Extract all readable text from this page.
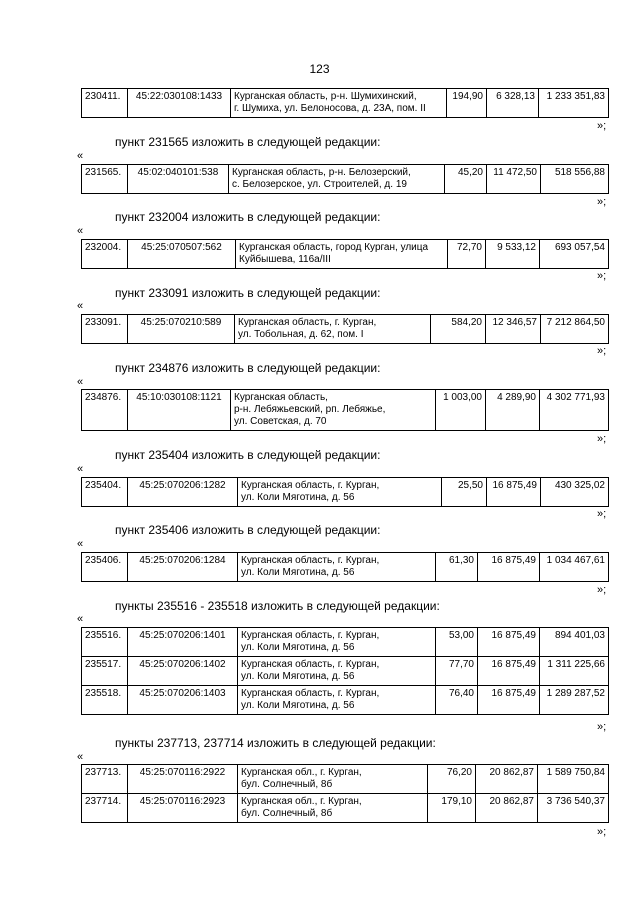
123
230411.	45:22:030108:1433	Курганская область, р-н. Шумихинский,
г. Шумиха, ул. Белоносова, д. 23А, пом. II	194,90	6 328,13	1 233 351,83
»;
пункт 231565 изложить в следующей редакции:
«
231565.	45:02:040101:538	Курганская область, р-н. Белозерский,
с. Белозерское, ул. Строителей, д. 19	45,20	11 472,50	518 556,88
»;
пункт 232004 изложить в следующей редакции:
«
232004.	45:25:070507:562	Курганская область, город Курган, улица
Куйбышева, 116а/III	72,70	9 533,12	693 057,54
»;
пункт 233091 изложить в следующей редакции:
«
233091.	45:25:070210:589	Курганская область, г. Курган,
ул. Тобольная, д. 62, пом. I	584,20	12 346,57	7 212 864,50
»;
пункт 234876 изложить в следующей редакции:
«
234876.	45:10:030108:1121	Курганская область,
р-н. Лебяжьевский, рп. Лебяжье,
ул. Советская, д. 70	1 003,00	4 289,90	4 302 771,93
»;
пункт 235404 изложить в следующей редакции:
«
235404.	45:25:070206:1282	Курганская область, г. Курган,
ул. Коли Мяготина, д. 56	25,50	16 875,49	430 325,02
»;
пункт 235406 изложить в следующей редакции:
«
235406.	45:25:070206:1284	Курганская область, г. Курган,
ул. Коли Мяготина, д. 56	61,30	16 875,49	1 034 467,61
»;
пункты 235516 - 235518 изложить в следующей редакции:
«
235516.	45:25:070206:1401	Курганская область, г. Курган,
ул. Коли Мяготина, д. 56	53,00	16 875,49	894 401,03
235517.	45:25:070206:1402	Курганская область, г. Курган,
ул. Коли Мяготина, д. 56	77,70	16 875,49	1 311 225,66
235518.	45:25:070206:1403	Курганская область, г. Курган,
ул. Коли Мяготина, д. 56	76,40	16 875,49	1 289 287,52
»;
пункты 237713, 237714 изложить в следующей редакции:
«
237713.	45:25:070116:2922	Курганская обл., г. Курган,
бул. Солнечный, 8б	76,20	20 862,87	1 589 750,84
237714.	45:25:070116:2923	Курганская обл., г. Курган,
бул. Солнечный, 8б	179,10	20 862,87	3 736 540,37
»;
